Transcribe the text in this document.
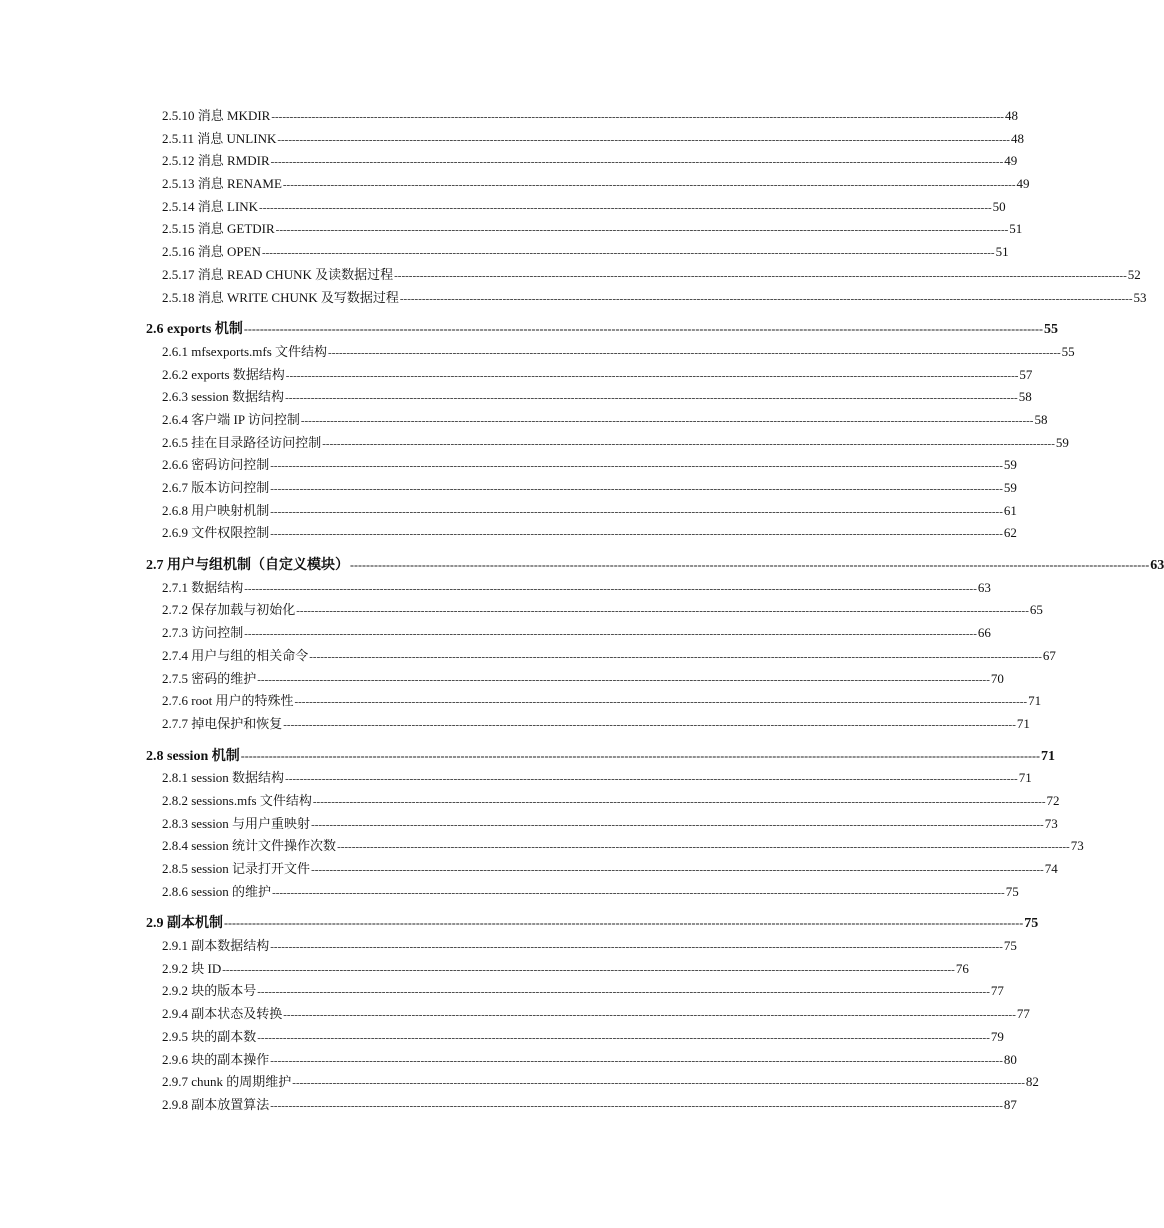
2.5.10 消息 MKDIR -------------------------------------------------------------------------------------------------------------------------------------------------------------------------------------------------------- 48
2.5.11 消息 UNLINK -------------------------------------------------------------------------------------------------------------------------------------------------------------------------------------------------------- 48
2.5.12 消息 RMDIR -------------------------------------------------------------------------------------------------------------------------------------------------------------------------------------------------------- 49
2.5.13 消息 RENAME -------------------------------------------------------------------------------------------------------------------------------------------------------------------------------------------------------- 49
2.5.14 消息 LINK -------------------------------------------------------------------------------------------------------------------------------------------------------------------------------------------------------- 50
2.5.15 消息 GETDIR -------------------------------------------------------------------------------------------------------------------------------------------------------------------------------------------------------- 51
2.5.16 消息 OPEN -------------------------------------------------------------------------------------------------------------------------------------------------------------------------------------------------------- 51
2.5.17 消息 READ CHUNK 及读数据过程 -------------------------------------------------------------------------------------------------------------------------------------------------------------------------------------------------------- 52
2.5.18 消息 WRITE CHUNK 及写数据过程 -------------------------------------------------------------------------------------------------------------------------------------------------------------------------------------------------------- 53
2.6 exports 机制 -------------------------------------------------------------------------------------------------------------------------------------------------------------------------------------------------------- 55
2.6.1 mfsexports.mfs 文件结构 -------------------------------------------------------------------------------------------------------------------------------------------------------------------------------------------------------- 55
2.6.2 exports 数据结构 -------------------------------------------------------------------------------------------------------------------------------------------------------------------------------------------------------- 57
2.6.3 session 数据结构 -------------------------------------------------------------------------------------------------------------------------------------------------------------------------------------------------------- 58
2.6.4 客户端 IP 访问控制 -------------------------------------------------------------------------------------------------------------------------------------------------------------------------------------------------------- 58
2.6.5 挂在目录路径访问控制 -------------------------------------------------------------------------------------------------------------------------------------------------------------------------------------------------------- 59
2.6.6 密码访问控制 -------------------------------------------------------------------------------------------------------------------------------------------------------------------------------------------------------- 59
2.6.7 版本访问控制 -------------------------------------------------------------------------------------------------------------------------------------------------------------------------------------------------------- 59
2.6.8 用户映射机制 -------------------------------------------------------------------------------------------------------------------------------------------------------------------------------------------------------- 61
2.6.9 文件权限控制 -------------------------------------------------------------------------------------------------------------------------------------------------------------------------------------------------------- 62
2.7 用户与组机制（自定义模块） -------------------------------------------------------------------------------------------------------------------------------------------------------------------------------------------------------- 63
2.7.1 数据结构 -------------------------------------------------------------------------------------------------------------------------------------------------------------------------------------------------------- 63
2.7.2 保存加载与初始化 -------------------------------------------------------------------------------------------------------------------------------------------------------------------------------------------------------- 65
2.7.3 访问控制 -------------------------------------------------------------------------------------------------------------------------------------------------------------------------------------------------------- 66
2.7.4 用户与组的相关命令 -------------------------------------------------------------------------------------------------------------------------------------------------------------------------------------------------------- 67
2.7.5 密码的维护 -------------------------------------------------------------------------------------------------------------------------------------------------------------------------------------------------------- 70
2.7.6 root 用户的特殊性 -------------------------------------------------------------------------------------------------------------------------------------------------------------------------------------------------------- 71
2.7.7 掉电保护和恢复 -------------------------------------------------------------------------------------------------------------------------------------------------------------------------------------------------------- 71
2.8 session 机制 -------------------------------------------------------------------------------------------------------------------------------------------------------------------------------------------------------- 71
2.8.1 session 数据结构 -------------------------------------------------------------------------------------------------------------------------------------------------------------------------------------------------------- 71
2.8.2 sessions.mfs 文件结构 -------------------------------------------------------------------------------------------------------------------------------------------------------------------------------------------------------- 72
2.8.3 session 与用户重映射 -------------------------------------------------------------------------------------------------------------------------------------------------------------------------------------------------------- 73
2.8.4 session 统计文件操作次数 -------------------------------------------------------------------------------------------------------------------------------------------------------------------------------------------------------- 73
2.8.5 session 记录打开文件 -------------------------------------------------------------------------------------------------------------------------------------------------------------------------------------------------------- 74
2.8.6 session 的维护 -------------------------------------------------------------------------------------------------------------------------------------------------------------------------------------------------------- 75
2.9 副本机制 -------------------------------------------------------------------------------------------------------------------------------------------------------------------------------------------------------- 75
2.9.1 副本数据结构 -------------------------------------------------------------------------------------------------------------------------------------------------------------------------------------------------------- 75
2.9.2 块 ID -------------------------------------------------------------------------------------------------------------------------------------------------------------------------------------------------------- 76
2.9.2 块的版本号 -------------------------------------------------------------------------------------------------------------------------------------------------------------------------------------------------------- 77
2.9.4 副本状态及转换 -------------------------------------------------------------------------------------------------------------------------------------------------------------------------------------------------------- 77
2.9.5 块的副本数 -------------------------------------------------------------------------------------------------------------------------------------------------------------------------------------------------------- 79
2.9.6 块的副本操作 -------------------------------------------------------------------------------------------------------------------------------------------------------------------------------------------------------- 80
2.9.7 chunk 的周期维护 -------------------------------------------------------------------------------------------------------------------------------------------------------------------------------------------------------- 82
2.9.8 副本放置算法 -------------------------------------------------------------------------------------------------------------------------------------------------------------------------------------------------------- 87
